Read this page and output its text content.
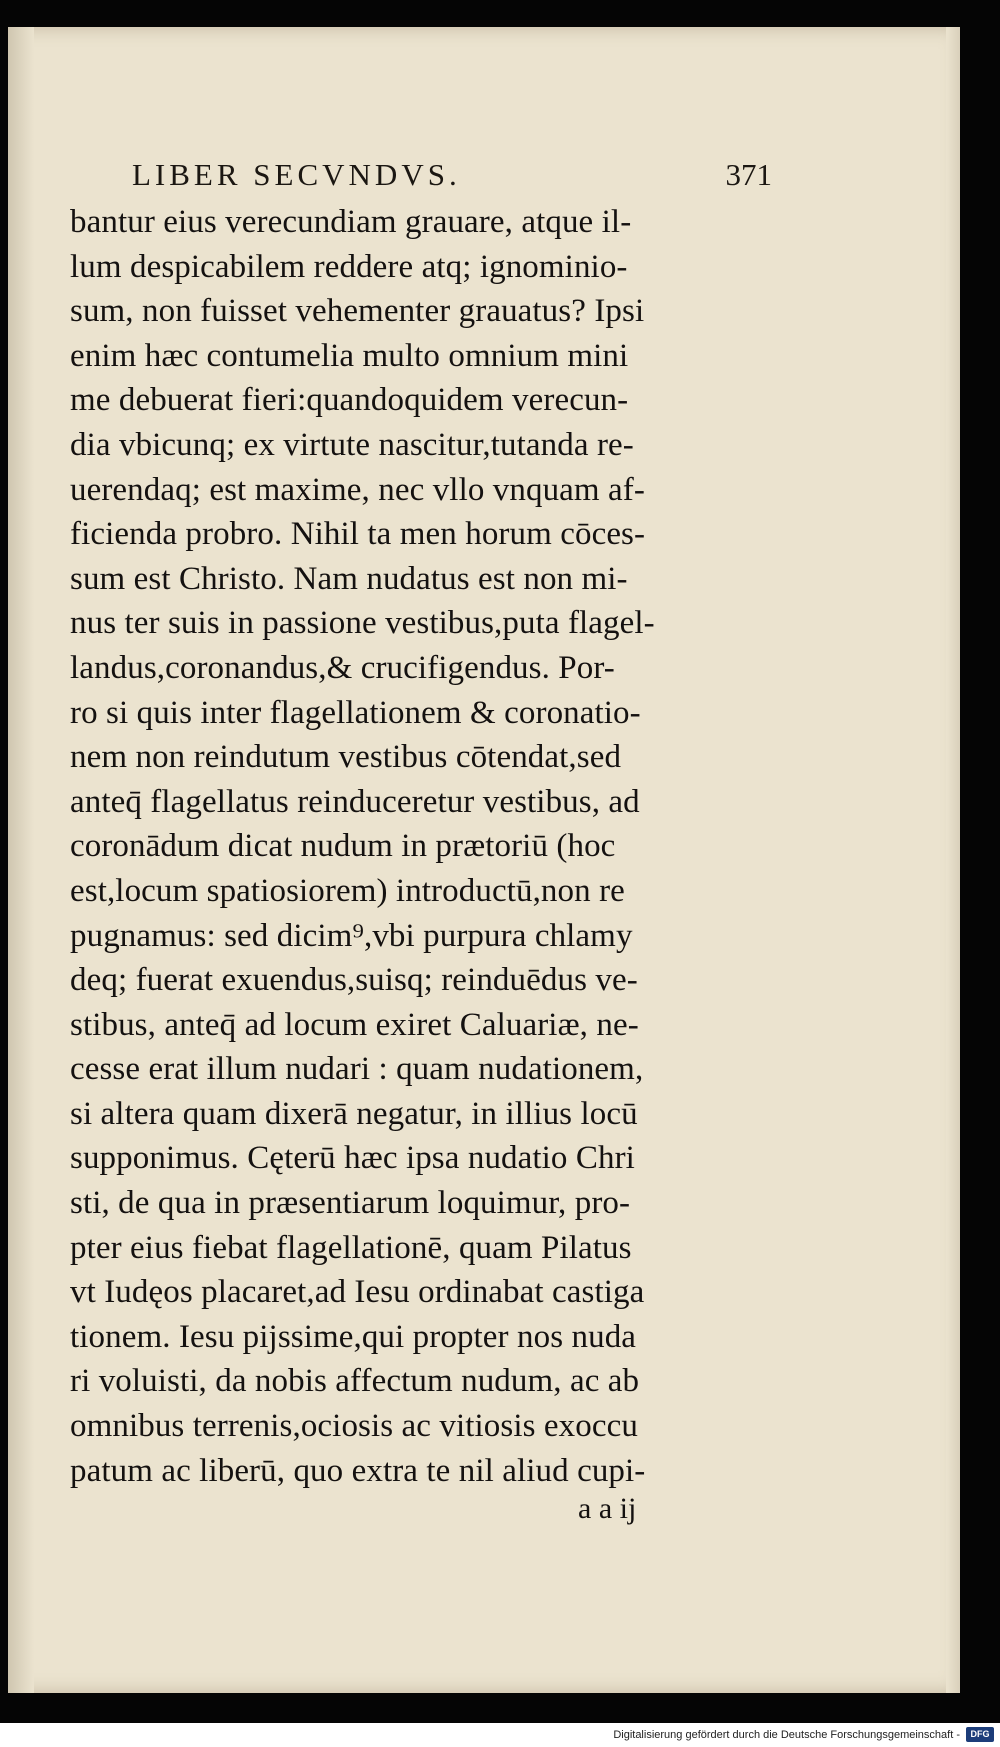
LIBER SECVNDVS.	371
bantur eius verecundiam grauare, atque il-
lum despicabilem reddere atq; ignominio-
sum, non fuisset vehementer grauatus? Ipsi
enim hæc contumelia multo omnium mini
me debuerat fieri:quandoquidem verecun-
dia vbicunq; ex virtute nascitur,tutanda re-
uerendaq; est maxime, nec vllo vnquam af-
ficienda probro. Nihil ta men horum cōces-
sum est Christo. Nam nudatus est non mi-
nus ter suis in passione vestibus,puta flagel-
landus,coronandus,& crucifigendus. Por-
ro si quis inter flagellationem & coronatio-
nem non reindutum vestibus cōtendat,sed
anteq̄ flagellatus reinduceretur vestibus, ad
coronādum dicat nudum in prætoriū (hoc
est,locum spatiosiorem) introductū,non re
pugnamus: sed dicim⁹,vbi purpura chlamy
deq; fuerat exuendus,suisq; reinduēdus ve-
stibus, anteq̄ ad locum exiret Caluariæ, ne-
cesse erat illum nudari : quam nudationem,
si altera quam dixerā negatur, in illius locū
supponimus. Cęterū hæc ipsa nudatio Chri
sti, de qua in præsentiarum loquimur, pro-
pter eius fiebat flagellationē, quam Pilatus
vt Iudęos placaret,ad Iesu ordinabat castiga
tionem. Iesu pijssime,qui propter nos nuda
ri voluisti, da nobis affectum nudum, ac ab
omnibus terrenis,ociosis ac vitiosis exoccu
patum ac liberū, quo extra te nil aliud cupi-
a a ij
Digitalisierung gefördert durch die Deutsche Forschungsgemeinschaft -	DFG
